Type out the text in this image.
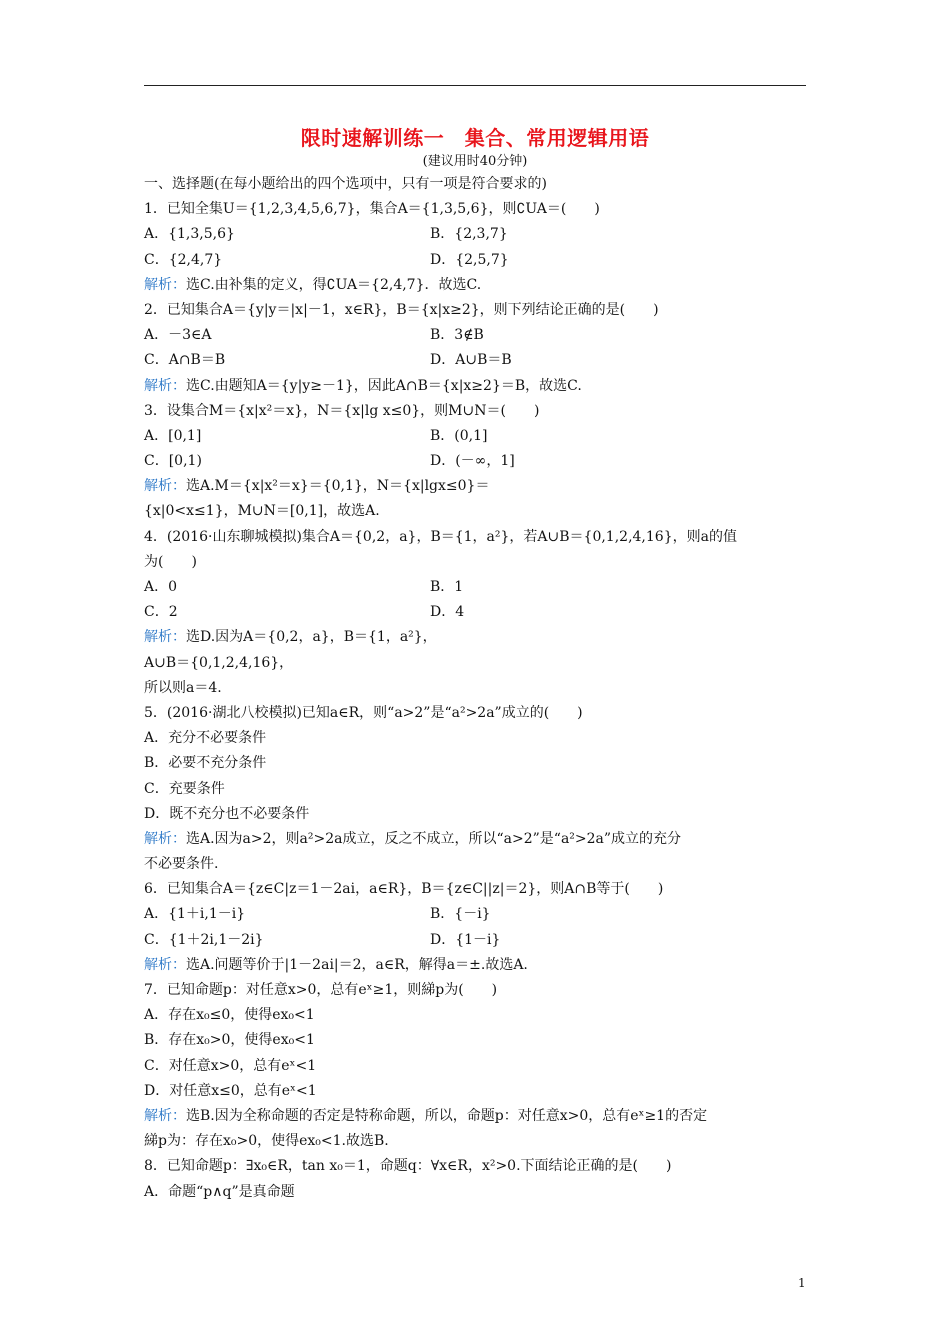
限时速解训练一　集合、常用逻辑用语
(建议用时40分钟)
一、选择题(在每小题给出的四个选项中，只有一项是符合要求的)
1．已知全集U＝{1,2,3,4,5,6,7}，集合A＝{1,3,5,6}，则∁UA＝(　　)
A．{1,3,5,6}	B．{2,3,7}
C．{2,4,7}	D．{2,5,7}
解析：选C.由补集的定义，得∁UA＝{2,4,7}．故选C.
2．已知集合A＝{y|y＝|x|－1，x∈R}，B＝{x|x≥2}，则下列结论正确的是(　　)
A．－3∈A	B．3∉B
C．A∩B＝B	D．A∪B＝B
解析：选C.由题知A＝{y|y≥－1}，因此A∩B＝{x|x≥2}＝B，故选C.
3．设集合M＝{x|x²＝x}，N＝{x|lg x≤0}，则M∪N＝(　　)
A．[0,1]	B．(0,1]
C．[0,1)	D．(－∞，1]
解析：选A.M＝{x|x²＝x}＝{0,1}，N＝{x|lgx≤0}＝
{x|0<x≤1}，M∪N＝[0,1]，故选A.
4．(2016·山东聊城模拟)集合A＝{0,2，a}，B＝{1，a²}，若A∪B＝{0,1,2,4,16}，则a的值
为(　　)
A．0	B．1
C．2	D．4
解析：选D.因为A＝{0,2，a}，B＝{1，a²}，
A∪B＝{0,1,2,4,16}，
所以则a＝4.
5．(2016·湖北八校模拟)已知a∈R，则“a>2”是“a²>2a”成立的(　　)
A．充分不必要条件
B．必要不充分条件
C．充要条件
D．既不充分也不必要条件
解析：选A.因为a>2，则a²>2a成立，反之不成立，所以“a>2”是“a²>2a”成立的充分
不必要条件.
6．已知集合A＝{z∈C|z＝1－2ai，a∈R}，B＝{z∈C||z|＝2}，则A∩B等于(　　)
A．{1＋i,1－i}	B．{－i}
C．{1＋2i,1－2i}	D．{1－i}
解析：选A.问题等价于|1－2ai|＝2，a∈R，解得a＝±.故选A.
7．已知命题p：对任意x>0，总有eˣ≥1，则綈p为(　　)
A．存在x₀≤0，使得ex₀<1
B．存在x₀>0，使得ex₀<1
C．对任意x>0，总有eˣ<1
D．对任意x≤0，总有eˣ<1
解析：选B.因为全称命题的否定是特称命题，所以，命题p：对任意x>0，总有eˣ≥1的否定
綈p为：存在x₀>0，使得ex₀<1.故选B.
8．已知命题p：∃x₀∈R，tan x₀＝1，命题q：∀x∈R，x²>0.下面结论正确的是(　　)
A．命题“p∧q”是真命题
1
